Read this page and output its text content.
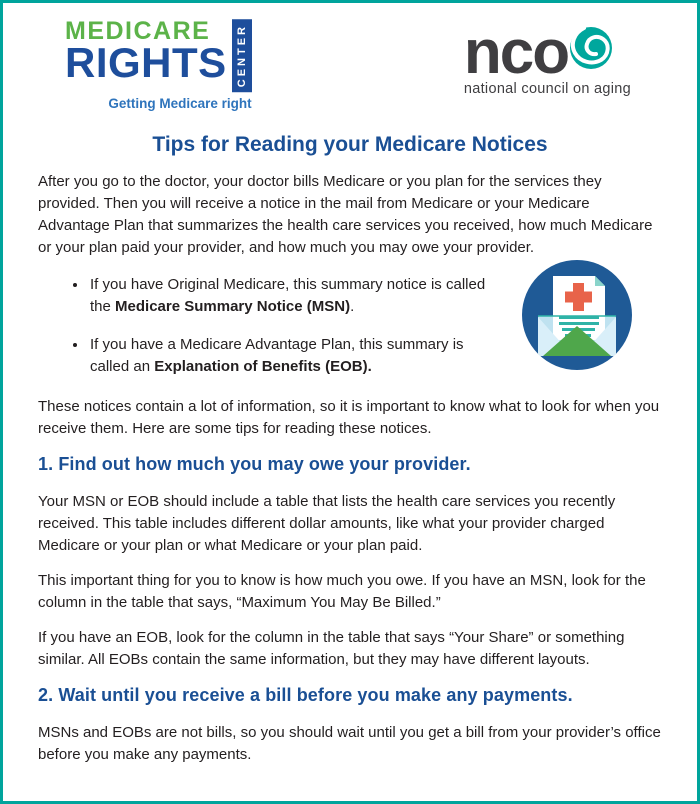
MEDICARE
RIGHTS CENTER
Getting Medicare right
nco
national council on aging
Tips for Reading your Medicare Notices

After you go to the doctor, your doctor bills Medicare or you plan for the services they provided. Then you will receive a notice in the mail from Medicare or your Medicare Advantage Plan that summarizes the health care services you received, how much Medicare or your plan paid your provider, and how much you may owe your provider.

• If you have Original Medicare, this summary notice is called the Medicare Summary Notice (MSN).
• If you have a Medicare Advantage Plan, this summary is called an Explanation of Benefits (EOB).

These notices contain a lot of information, so it is important to know what to look for when you receive them. Here are some tips for reading these notices.

1. Find out how much you may owe your provider.

Your MSN or EOB should include a table that lists the health care services you recently received. This table includes different dollar amounts, like what your provider charged Medicare or your plan or what Medicare or your plan paid.

This important thing for you to know is how much you owe. If you have an MSN, look for the column in the table that says, “Maximum You May Be Billed.”

If you have an EOB, look for the column in the table that says “Your Share” or something similar. All EOBs contain the same information, but they may have different layouts.

2. Wait until you receive a bill before you make any payments.

MSNs and EOBs are not bills, so you should wait until you get a bill from your provider’s office before you make any payments.
